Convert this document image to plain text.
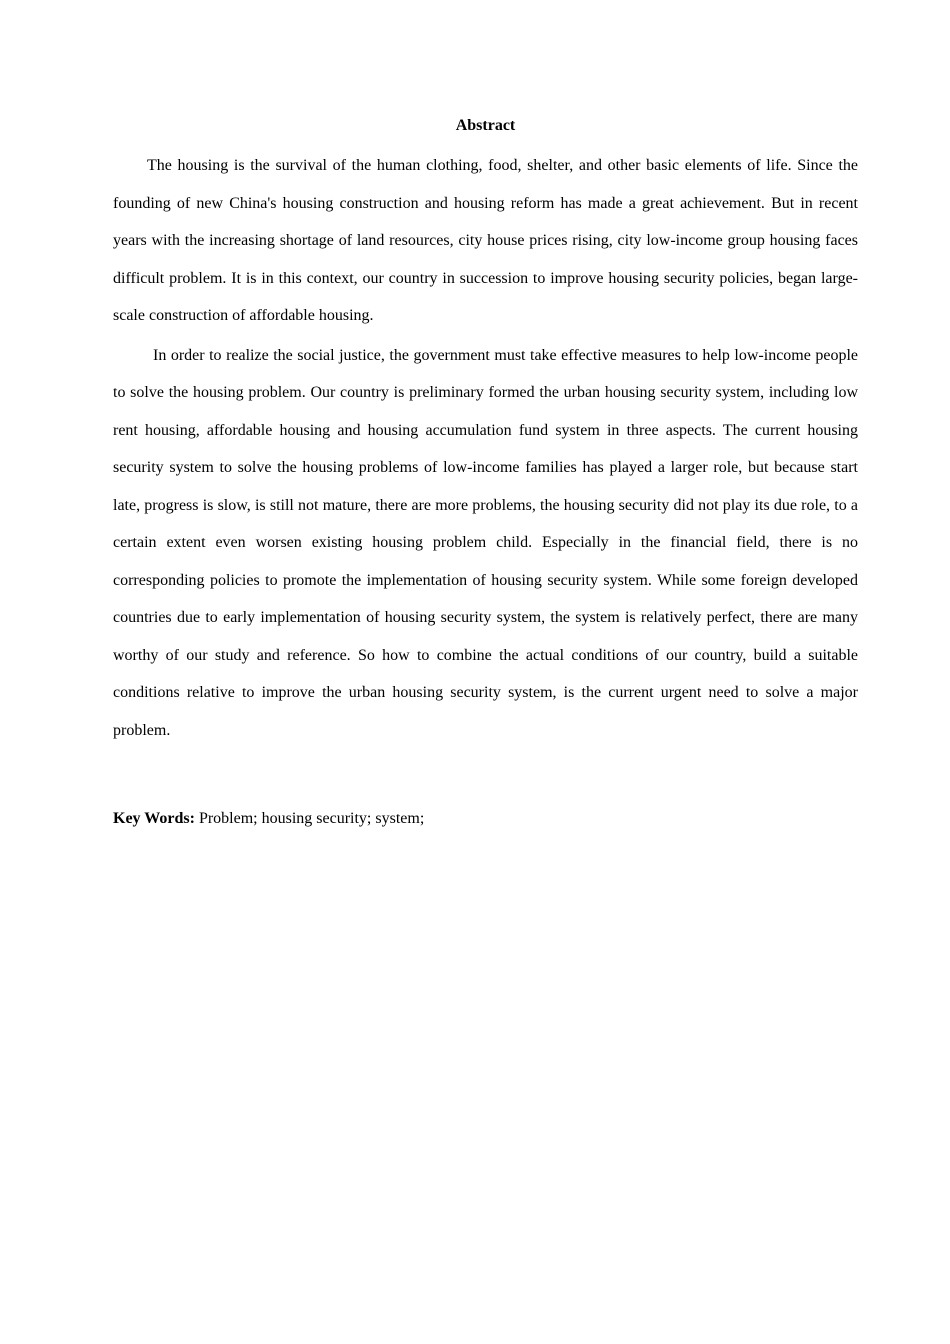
Abstract

The housing is the survival of the human clothing, food, shelter, and other basic elements of life. Since the founding of new China's housing construction and housing reform has made a great achievement. But in recent years with the increasing shortage of land resources, city house prices rising, city low-income group housing faces difficult problem. It is in this context, our country in succession to improve housing security policies, began large-scale construction of affordable housing.

In order to realize the social justice, the government must take effective measures to help low-income people to solve the housing problem. Our country is preliminary formed the urban housing security system, including low rent housing, affordable housing and housing accumulation fund system in three aspects. The current housing security system to solve the housing problems of low-income families has played a larger role, but because start late, progress is slow, is still not mature, there are more problems, the housing security did not play its due role, to a certain extent even worsen existing housing problem child. Especially in the financial field, there is no corresponding policies to promote the implementation of housing security system. While some foreign developed countries due to early implementation of housing security system, the system is relatively perfect, there are many worthy of our study and reference. So how to combine the actual conditions of our country, build a suitable conditions relative to improve the urban housing security system, is the current urgent need to solve a major problem.

Key Words: Problem; housing security; system;
